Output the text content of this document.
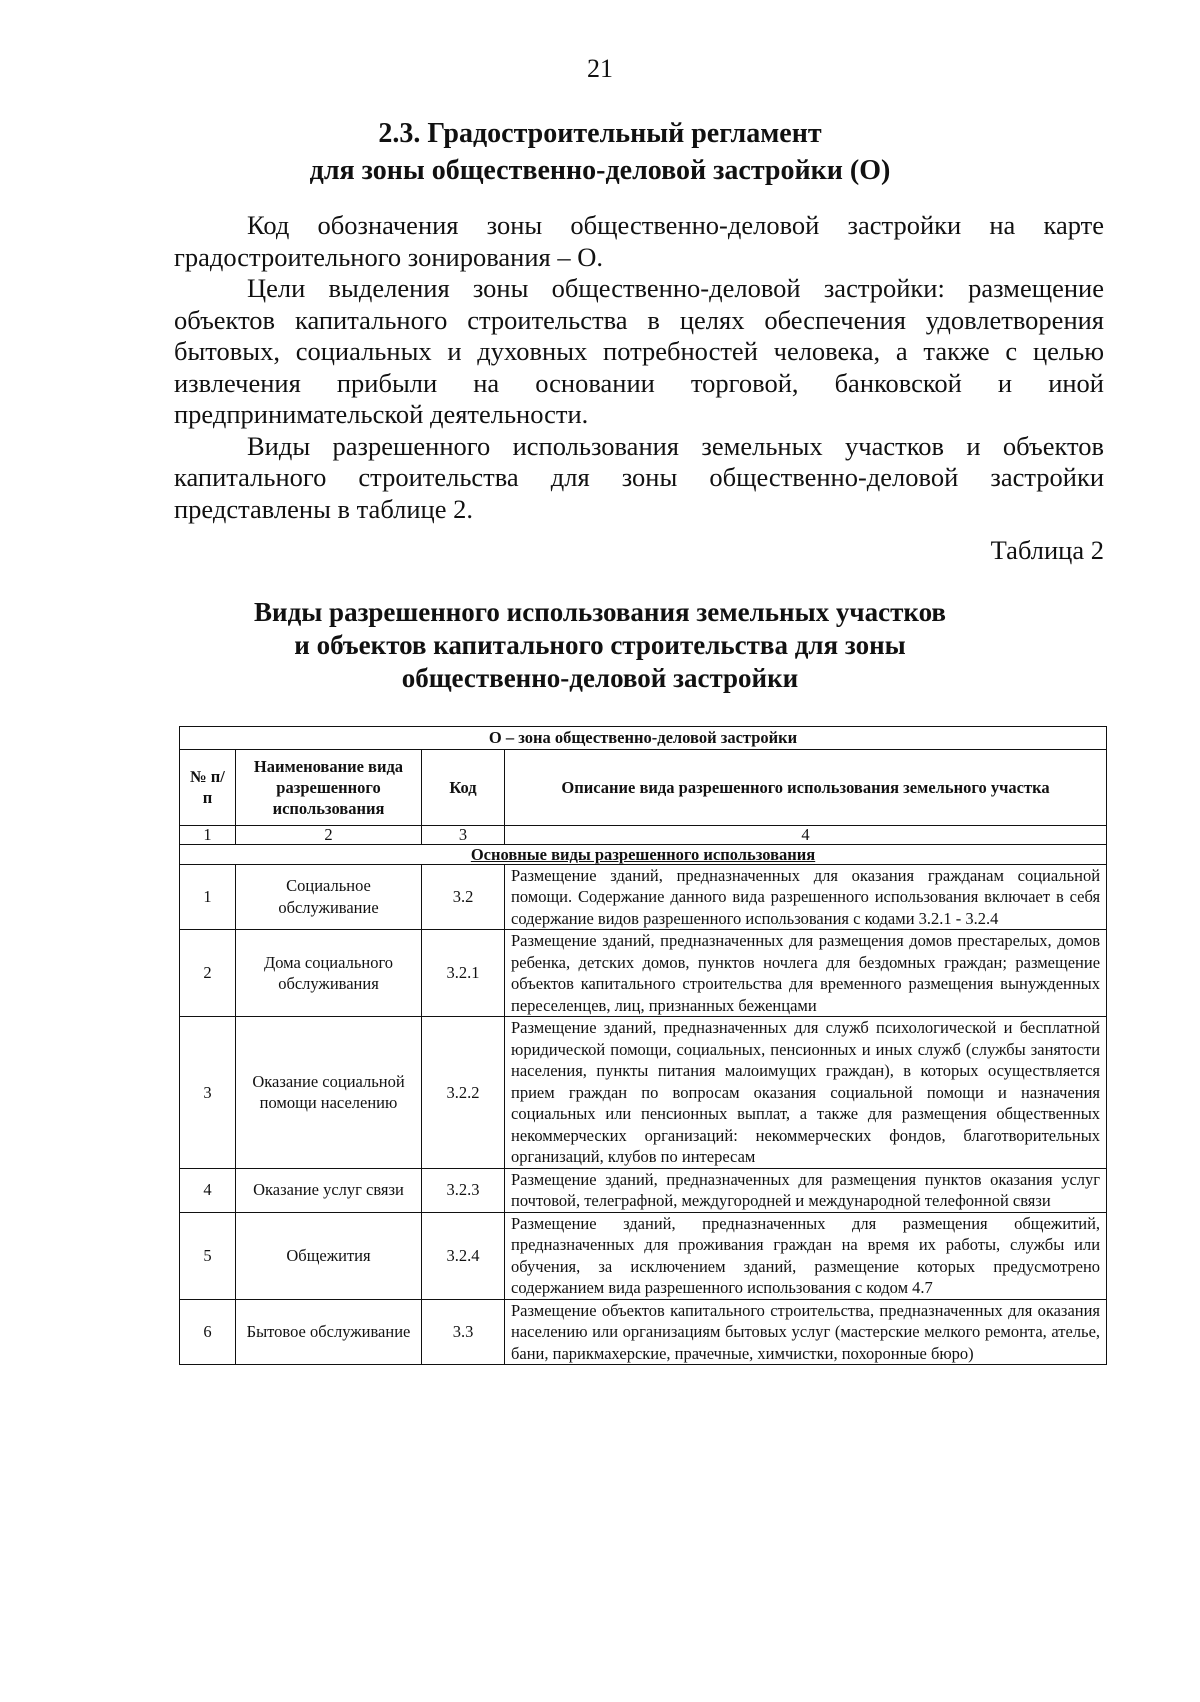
21
2.3. Градостроительный регламент
для зоны общественно-деловой застройки (О)

Код обозначения зоны общественно-деловой застройки на карте градостроительного зонирования – О.

Цели выделения зоны общественно-деловой застройки: размещение объектов капитального строительства в целях обеспечения удовлетворения бытовых, социальных и духовных потребностей человека, а также с целью извлечения прибыли на основании торговой, банковской и иной предпринимательской деятельности.

Виды разрешенного использования земельных участков и объектов капитального строительства для зоны общественно-деловой застройки представлены в таблице 2.

Таблица 2
Виды разрешенного использования земельных участков
и объектов капитального строительства для зоны
общественно-деловой застройки
О – зона общественно-деловой застройки			
№ п/п	Наименование вида разрешенного использования	Код	Описание вида разрешенного использования земельного участка
1	2	3	4
Основные виды разрешенного использования			
1	Социальное обслуживание	3.2	Размещение зданий, предназначенных для оказания гражданам социальной помощи. Содержание данного вида разрешенного использования включает в себя содержание видов разрешенного использования с кодами 3.2.1 - 3.2.4
2	Дома социального обслуживания	3.2.1	Размещение зданий, предназначенных для размещения домов престарелых, домов ребенка, детских домов, пунктов ночлега для бездомных граждан; размещение объектов капитального строительства для временного размещения вынужденных переселенцев, лиц, признанных беженцами
3	Оказание социальной помощи населению	3.2.2	Размещение зданий, предназначенных для служб психологической и бесплатной юридической помощи, социальных, пенсионных и иных служб (службы занятости населения, пункты питания малоимущих граждан), в которых осуществляется прием граждан по вопросам оказания социальной помощи и назначения социальных или пенсионных выплат, а также для размещения общественных некоммерческих организаций: некоммерческих фондов, благотворительных организаций, клубов по интересам
4	Оказание услуг связи	3.2.3	Размещение зданий, предназначенных для размещения пунктов оказания услуг почтовой, телеграфной, междугородней и международной телефонной связи
5	Общежития	3.2.4	Размещение зданий, предназначенных для размещения общежитий, предназначенных для проживания граждан на время их работы, службы или обучения, за исключением зданий, размещение которых предусмотрено содержанием вида разрешенного использования с кодом 4.7
6	Бытовое обслуживание	3.3	Размещение объектов капитального строительства, предназначенных для оказания населению или организациям бытовых услуг (мастерские мелкого ремонта, ателье, бани, парикмахерские, прачечные, химчистки, похоронные бюро)
